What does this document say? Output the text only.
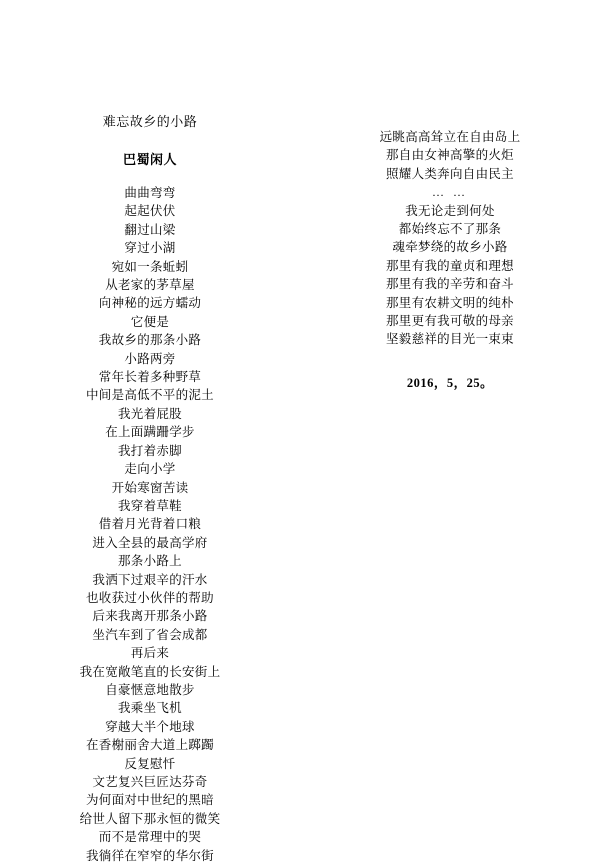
难忘故乡的小路
巴蜀闲人
曲曲弯弯
起起伏伏
翻过山梁
穿过小湖
宛如一条蚯蚓
从老家的茅草屋
向神秘的远方蠕动
它便是
我故乡的那条小路
小路两旁
常年长着多种野草
中间是高低不平的泥土
我光着屁股
在上面蹒跚学步
我打着赤脚
走向小学
开始寒窗苦读
我穿着草鞋
借着月光背着口粮
进入全县的最高学府
那条小路上
我洒下过艰辛的汗水
也收获过小伙伴的帮助
后来我离开那条小路
坐汽车到了省会成都
再后来
我在宽敞笔直的长安街上
自豪惬意地散步
我乘坐飞机
穿越大半个地球
在香榭丽舍大道上踯躅
反复慰忏
文艺复兴巨匠达芬奇
为何面对中世纪的黑暗
给世人留下那永恒的微笑
而不是常理中的哭
我徜徉在窄窄的华尔街
远眺高高耸立在自由岛上
那自由女神高擎的火炬
照耀人类奔向自由民主
… …
我无论走到何处
都始终忘不了那条
魂牵梦绕的故乡小路
那里有我的童贞和理想
那里有我的辛劳和奋斗
那里有农耕文明的纯朴
那里更有我可敬的母亲
坚毅慈祥的目光一束束
2016，5，25。
